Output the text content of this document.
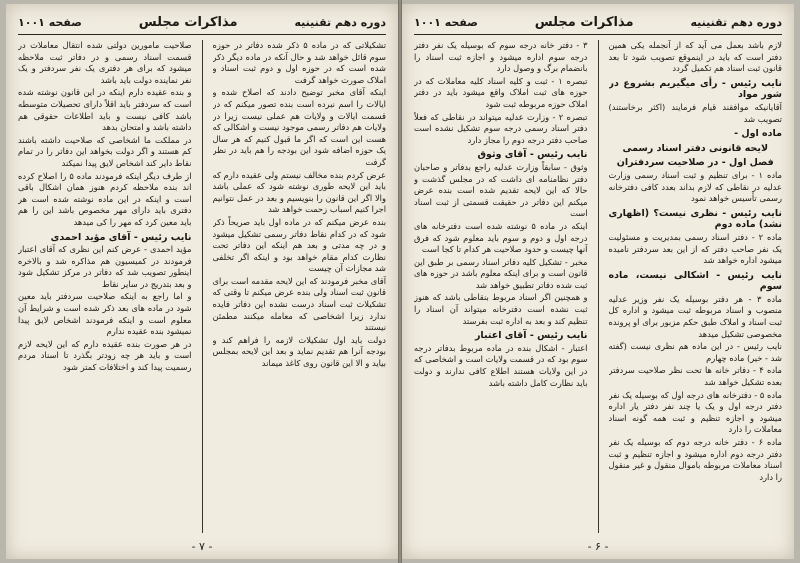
دوره دهم تقنینیه
مذاکرات مجلس
صفحه ۱۰۰۱

تشکیلاتی که در ماده ۵ ذکر شده دفاتر در حوزه سوم قائل خواهد شد و حال آنکه در ماده دیگر ذکر شده است که در حوزه اول و دوم ثبت اسناد و املاک صورت خواهد گرفت

اینکه آقای مخبر توضیح دادند که اصلاح شده و ایالات را اسم نبرده است بنده تصور میکنم که در قسمت ایالات و ولایات هم عملی نیست زیرا در ولایات هم دفاتر رسمی موجود نیست و اشکالی که هست این است که اگر ما قبول کنیم که هر سال یک حوزه اضافه شود این بودجه را هم باید در نظر گرفت

عرض کردم بنده مخالف نیستم ولی عقیده دارم که باید این لایحه طوری نوشته شود که عملی باشد والا اگر این قانون را بنویسیم و بعد در عمل نتوانیم اجرا کنیم اسباب زحمت خواهد شد

بنده عرض میکنم که در ماده اول باید صریحاً ذکر شود که در کدام نقاط دفاتر رسمی تشکیل میشود و در چه مدتی و بعد هم اینکه این دفاتر تحت نظارت کدام مقام خواهد بود و اینکه اگر تخلفی شد مجازات آن چیست

آقای مخبر فرمودند که این لایحه مقدمه است برای قانون ثبت اسناد ولی بنده عرض میکنم تا وقتی که تشکیلات ثبت اسناد درست نشده این دفاتر فایده ندارد زیرا اشخاصی که معامله میکنند مطمئن نیستند

دولت باید اول تشکیلات لازمه را فراهم کند و بودجه آنرا هم تقدیم نماید و بعد این لایحه بمجلس بیاید و الا این قانون روی کاغذ میماند

صلاحیت مامورین دولتی شده انتقال معاملات در قسمت اسناد رسمی و در دفاتر ثبت ملاحظه میشود که برای هر دفتری یک نفر سردفتر و یک نفر نماینده دولت باید باشد

و بنده عقیده دارم اینکه در این قانون نوشته شده است که سردفتر باید اقلاً دارای تحصیلات متوسطه باشد کافی نیست و باید اطلاعات حقوقی هم داشته باشد و امتحان بدهد

در مملکت ما اشخاصی که صلاحیت داشته باشند کم هستند و اگر دولت بخواهد این دفاتر را در تمام نقاط دایر کند اشخاص لایق پیدا نمیکند

از طرف دیگر اینکه فرمودند ماده ۵ را اصلاح کرده اند بنده ملاحظه کردم هنوز همان اشکال باقی است و اینکه در این ماده نوشته شده است هر دفتری باید دارای مهر مخصوص باشد این را هم باید معین کرد که مهر را کی میدهد

نایب رئیس - آقای مؤید احمدی

مؤید احمدی - عرض کنم این نظری که آقای اعتبار فرمودند در کمیسیون هم مذاکره شد و بالاخره اینطور تصویب شد که دفاتر در مرکز تشکیل شود و بعد بتدریج در سایر نقاط

و اما راجع به اینکه صلاحیت سردفتر باید معین شود در ماده های بعد ذکر شده است و شرایط آن معلوم است و اینکه فرمودند اشخاص لایق پیدا نمیشود بنده عقیده ندارم

در هر صورت بنده عقیده دارم که این لایحه لازم است و باید هر چه زودتر بگذرد تا اسناد مردم رسمیت پیدا کند و اختلافات کمتر شود

- ۷ -
دوره دهم تقنینیه
مذاکرات مجلس
صفحه ۱۰۰۱

لازم باشد بعمل می آید که از آنجمله یکی همین دفتر است که باید در اینموقع تصویب شود تا بعد قانون ثبت اسناد هم تکمیل گردد

نایب رئیس - رأی میگیریم بشروع در شور مواد

آقایانیکه موافقند قیام فرمایند (اکثر برخاستند) تصویب شد

ماده اول -

لایحه قانونی دفتر اسناد رسمی

فصل اول - در صلاحیت سردفتران

ماده ۱ - برای تنظیم و ثبت اسناد رسمی وزارت عدلیه در نقاطی که لازم بداند بعدد کافی دفترخانه رسمی تأسیس خواهد نمود

نایب رئیس - نظری نیست؟ (اظهاری نشد) ماده دوم

ماده ۲ - دفتر اسناد رسمی بمدیریت و مسئولیت یک نفر صاحب دفتر که از این بعد سردفتر نامیده میشود اداره خواهد شد

نایب رئیس - اشکالی نیست، ماده سوم

ماده ۳ - هر دفتر بوسیله یک نفر وزیر عدلیه منصوب و اسناد مربوطه ثبت میشود و اداره کل ثبت اسناد و املاک طبق حکم مزبور برای او پرونده مخصوصی تشکیل میدهد

نایب رئیس - در این ماده هم نظری نیست (گفته شد - خیر) ماده چهارم

ماده ۴ - دفاتر خانه ها تحت نظر صلاحیت سردفتر بعده تشکیل خواهد شد

ماده ۵ - دفترخانه های درجه اول که بوسیله یک نفر دفتر درجه اول و یک یا چند نفر دفتر یار اداره میشود و اجازه تنظیم و ثبت همه گونه اسناد معاملات را دارد

ماده ۶ - دفتر خانه درجه دوم که بوسیله یک نفر دفتر درجه دوم اداره میشود و اجازه تنظیم و ثبت اسناد معاملات مربوطه باموال منقول و غیر منقول را دارد

۳ - دفتر خانه درجه سوم که بوسیله یک نفر دفتر درجه سوم اداره میشود و اجازه ثبت اسناد را بانضمام برگ و وصول دارد

تبصره ۱ - ثبت و کلیه اسناد کلیه معاملات که در حوزه های ثبت املاک واقع میشود باید در دفتر املاک حوزه مربوطه ثبت شود

تبصره ۲ - وزارت عدلیه میتواند در نقاطی که فعلاً دفتر اسناد رسمی درجه سوم تشکیل نشده است صاحب دفتر درجه دوم را مجاز دارد

نایب رئیس - آقای وثوق

وثوق - سابقاً وزارت عدلیه راجع بدفاتر و صاحبان دفتر نظامنامه ای داشت که در مجلس گذشت و حالا که این لایحه تقدیم شده است بنده عرض میکنم این دفاتر در حقیقت قسمتی از ثبت اسناد است

اینکه در ماده ۵ نوشته شده است دفترخانه های درجه اول و دوم و سوم باید معلوم شود که فرق آنها چیست و حدود صلاحیت هر کدام تا کجا است

مخبر - تشکیل کلیه دفاتر اسناد رسمی بر طبق این قانون است و برای اینکه معلوم باشد در حوزه های ثبت شده دفاتر تطبیق خواهد شد

و همچنین اگر اسناد مربوط بنقاطی باشد که هنوز ثبت نشده است دفترخانه میتواند آن اسناد را تنظیم کند و بعد به اداره ثبت بفرستد

نایب رئیس - آقای اعتبار

اعتبار - اشکال بنده در ماده مربوط بدفاتر درجه سوم بود که در قسمت ولایات است و اشخاصی که در این ولایات هستند اطلاع کافی ندارند و دولت باید نظارت کامل داشته باشد

- ۶ -
